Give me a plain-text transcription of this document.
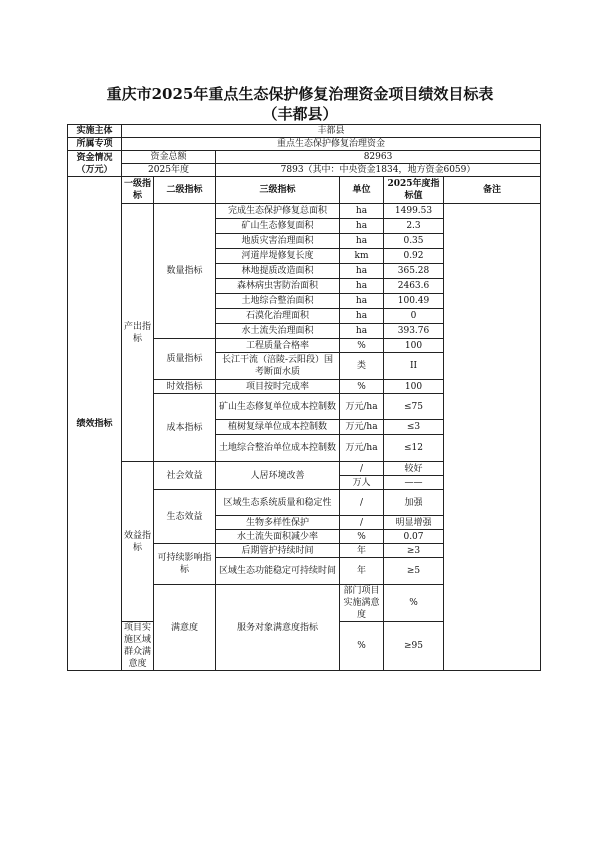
重庆市2025年重点生态保护修复治理资金项目绩效目标表
（丰都县）
实施主体	丰都县						
所属专项	重点生态保护修复治理资金						
资金情况（万元）	资金总额		82963				
	2025年度		7893（其中：中央资金1834，地方资金6059）				
绩效指标	一级指标	二级指标	三级指标	单位	2025年度指标值	备注	
	产出指标	数量指标	完成生态保护修复总面积	ha	1499.53		
			矿山生态修复面积	ha	2.3		
			地质灾害治理面积	ha	0.35		
			河道岸堤修复长度	km	0.92		
			林地提质改造面积	ha	365.28		
			森林病虫害防治面积	ha	2463.6		
			土地综合整治面积	ha	100.49		
			石漠化治理面积	ha	0		
			水土流失治理面积	ha	393.76		
		质量指标	工程质量合格率	%	100		
			长江干流（涪陵-云阳段）国考断面水质	类	II		
		时效指标	项目按时完成率	%	100		
		成本指标	矿山生态修复单位成本控制数	万元/ha	≤75		
			植树复绿单位成本控制数	万元/ha	≤3		
			土地综合整治单位成本控制数	万元/ha	≤12		
	效益指标	社会效益	人居环境改善	/	较好		
				万人	——		
		生态效益	区域生态系统质量和稳定性	/	加强		
			生物多样性保护	/	明显增强		
			水土流失面积减少率	%	0.07		
		可持续影响指标	后期管护持续时间	年	≥3		
			区域生态功能稳定可持续时间	年	≥5		
		满意度	服务对象满意度指标	部门项目实施满意度	%	
	项目实施区域群众满意度			%	≥95		
